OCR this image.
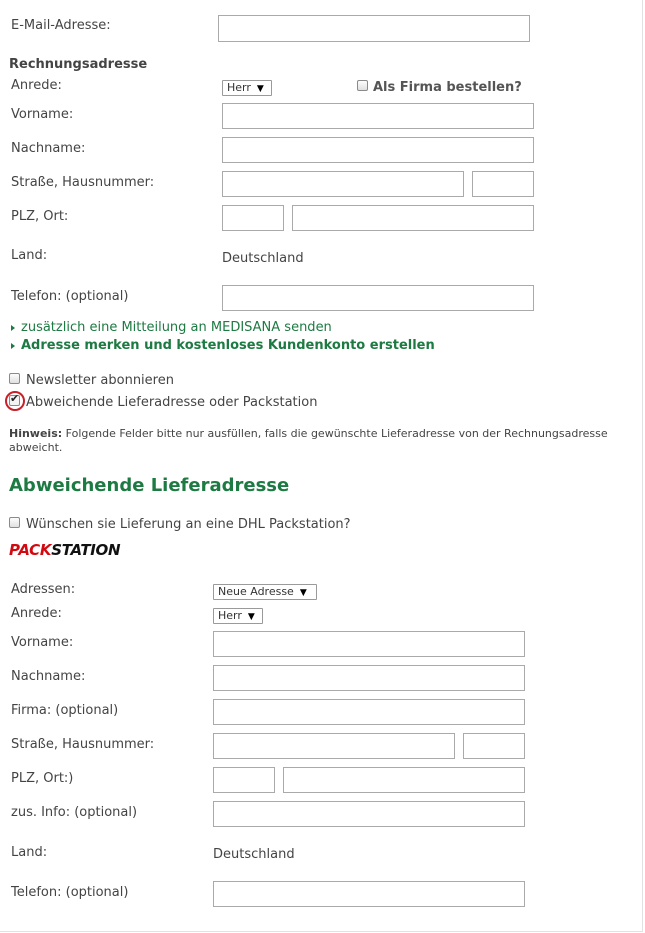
E-Mail-Adresse:
Rechnungsadresse
Anrede:	Herr ▼	Als Firma bestellen?
Vorname:
Nachname:
Straße, Hausnummer:
PLZ, Ort:
Land:	Deutschland
Telefon: (optional)
zusätzlich eine Mitteilung an MEDISANA senden
Adresse merken und kostenloses Kundenkonto erstellen
Newsletter abonnieren
✔ Abweichende Lieferadresse oder Packstation
Hinweis: Folgende Felder bitte nur ausfüllen, falls die gewünschte Lieferadresse von der Rechnungsadresse abweicht.
Abweichende Lieferadresse
Wünschen sie Lieferung an eine DHL Packstation?
PACKSTATION
Adressen:	Neue Adresse ▼
Anrede:	Herr ▼
Vorname:
Nachname:
Firma: (optional)
Straße, Hausnummer:
PLZ, Ort:)
zus. Info: (optional)
Land:	Deutschland
Telefon: (optional)
